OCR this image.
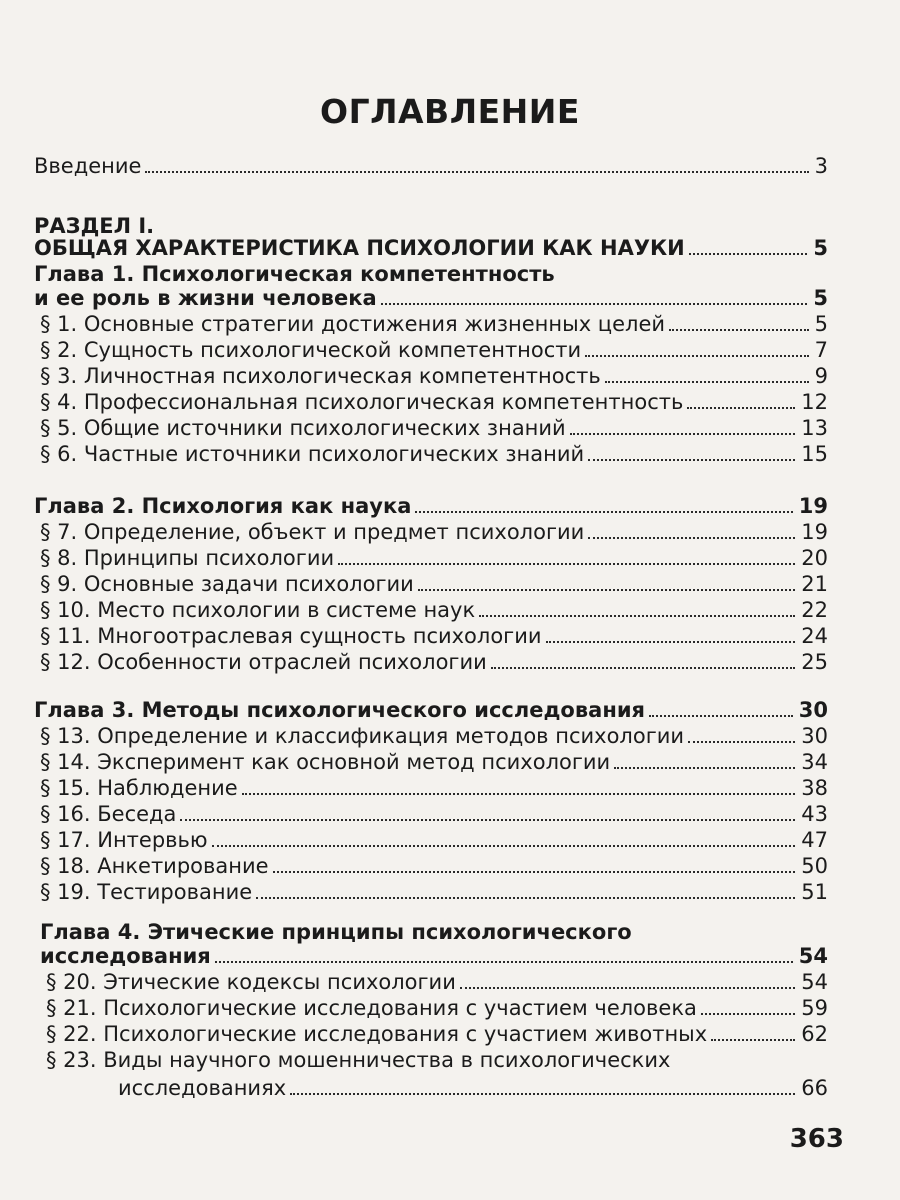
ОГЛАВЛЕНИЕ
Введение	3
РАЗДЕЛ I.
ОБЩАЯ ХАРАКТЕРИСТИКА ПСИХОЛОГИИ КАК НАУКИ	5
Глава 1. Психологическая компетентность
и ее роль в жизни человека	5
§ 1. Основные стратегии достижения жизненных целей	5
§ 2. Сущность психологической компетентности	7
§ 3. Личностная психологическая компетентность	9
§ 4. Профессиональная психологическая компетентность	12
§ 5. Общие источники психологических знаний	13
§ 6. Частные источники психологических знаний	15
Глава 2. Психология как наука	19
§ 7. Определение, объект и предмет психологии	19
§ 8. Принципы психологии	20
§ 9. Основные задачи психологии	21
§ 10. Место психологии в системе наук	22
§ 11. Многоотраслевая сущность психологии	24
§ 12. Особенности отраслей психологии	25
Глава 3. Методы психологического исследования	30
§ 13. Определение и классификация методов психологии	30
§ 14. Эксперимент как основной метод психологии	34
§ 15. Наблюдение	38
§ 16. Беседа	43
§ 17. Интервью	47
§ 18. Анкетирование	50
§ 19. Тестирование	51
Глава 4. Этические принципы психологического
исследования	54
§ 20. Этические кодексы психологии	54
§ 21. Психологические исследования с участием человека	59
§ 22. Психологические исследования с участием животных	62
§ 23. Виды научного мошенничества в психологических
исследованиях	66
363
